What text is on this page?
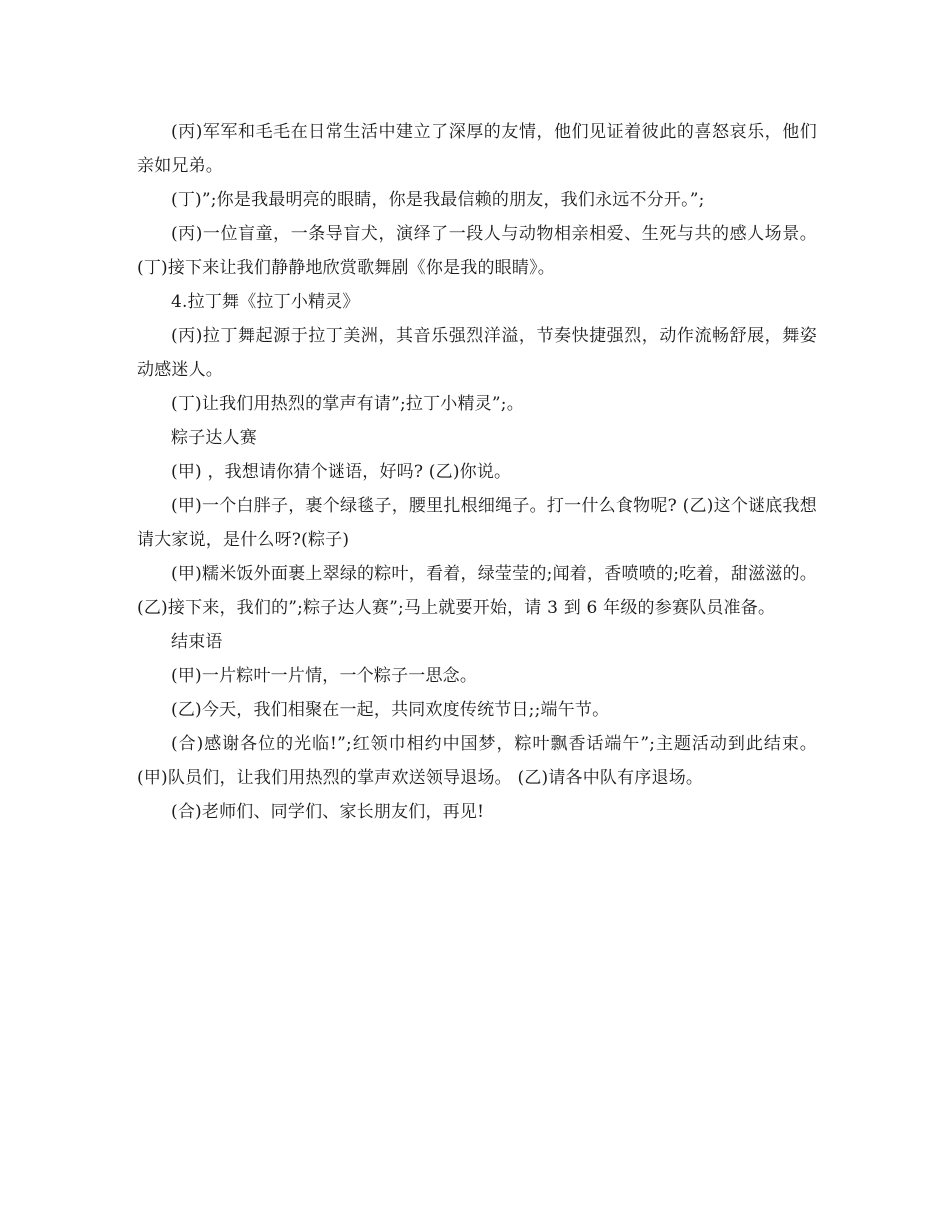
(丙)军军和毛毛在日常生活中建立了深厚的友情，他们见证着彼此的喜怒哀乐，他们亲如兄弟。

(丁)”;你是我最明亮的眼睛，你是我最信赖的朋友，我们永远不分开。”;

(丙)一位盲童，一条导盲犬，演绎了一段人与动物相亲相爱、生死与共的感人场景。 (丁)接下来让我们静静地欣赏歌舞剧《你是我的眼睛》。

4.拉丁舞《拉丁小精灵》

(丙)拉丁舞起源于拉丁美洲，其音乐强烈洋溢，节奏快捷强烈，动作流畅舒展，舞姿动感迷人。

(丁)让我们用热烈的掌声有请”;拉丁小精灵”;。

粽子达人赛

(甲) ，我想请你猜个谜语，好吗? (乙)你说。

(甲)一个白胖子，裹个绿毯子，腰里扎根细绳子。打一什么食物呢? (乙)这个谜底我想请大家说，是什么呀?(粽子)

(甲)糯米饭外面裹上翠绿的粽叶，看着，绿莹莹的;闻着，香喷喷的;吃着，甜滋滋的。 (乙)接下来，我们的”;粽子达人赛”;马上就要开始，请 3 到 6 年级的参赛队员准备。

结束语

(甲)一片粽叶一片情，一个粽子一思念。

(乙)今天，我们相聚在一起，共同欢度传统节日;;端午节。

(合)感谢各位的光临!”;红领巾相约中国梦，粽叶飘香话端午”;主题活动到此结束。 (甲)队员们，让我们用热烈的掌声欢送领导退场。 (乙)请各中队有序退场。

(合)老师们、同学们、家长朋友们，再见!
